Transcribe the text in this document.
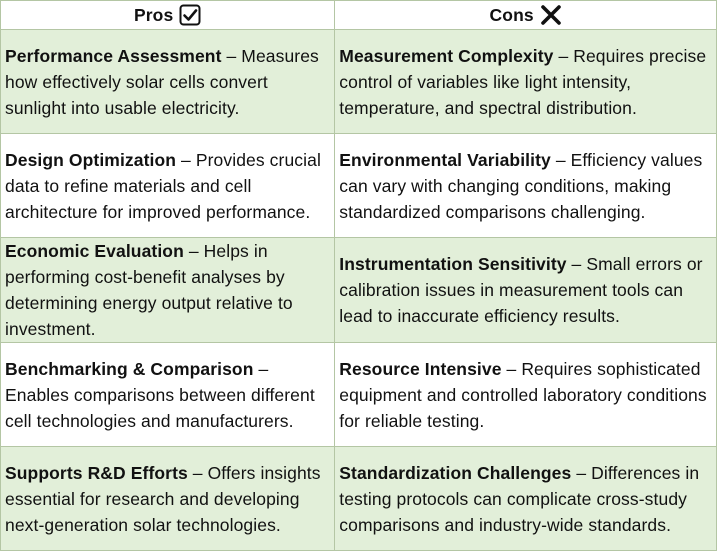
Pros	Cons

Performance Assessment – Measures how effectively solar cells convert sunlight into usable electricity.	Measurement Complexity – Requires precise control of variables like light intensity, temperature, and spectral distribution.
Design Optimization – Provides crucial data to refine materials and cell architecture for improved performance.	Environmental Variability – Efficiency values can vary with changing conditions, making standardized comparisons challenging.
Economic Evaluation – Helps in performing cost-benefit analyses by determining energy output relative to investment.	Instrumentation Sensitivity – Small errors or calibration issues in measurement tools can lead to inaccurate efficiency results.
Benchmarking & Comparison – Enables comparisons between different cell technologies and manufacturers.	Resource Intensive – Requires sophisticated equipment and controlled laboratory conditions for reliable testing.
Supports R&D Efforts – Offers insights essential for research and developing next-generation solar technologies.	Standardization Challenges – Differences in testing protocols can complicate cross-study comparisons and industry-wide standards.
